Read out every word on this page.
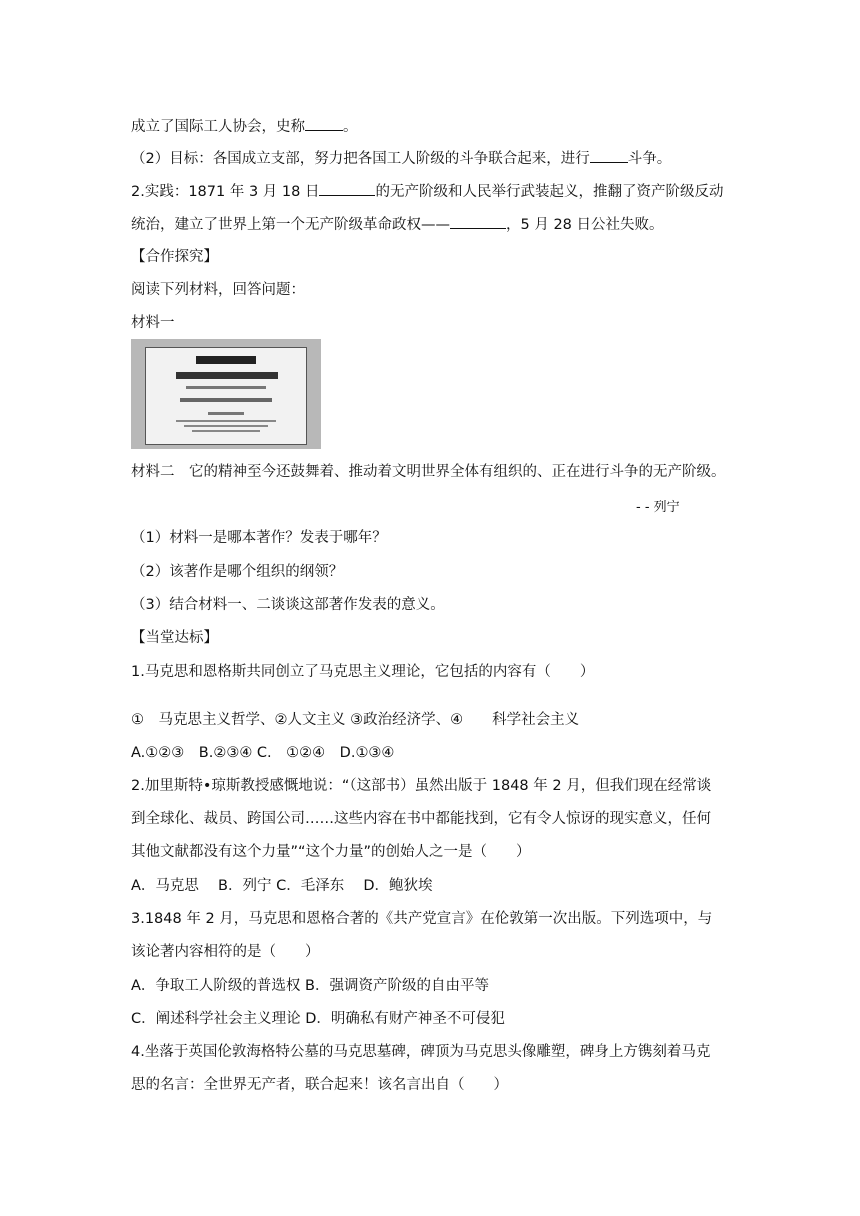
成立了国际工人协会，史称	。
（2）目标：各国成立支部，努力把各国工人阶级的斗争联合起来，进行	斗争。
2.实践：1871 年 3 月 18 日	的无产阶级和人民举行武装起义，推翻了资产阶级反动
统治，建立了世界上第一个无产阶级革命政权——	，5 月 28 日公社失败。
【合作探究】
阅读下列材料，回答问题：
材料一
材料二　它的精神至今还鼓舞着、推动着文明世界全体有组织的、正在进行斗争的无产阶级。
- - 列宁
（1）材料一是哪本著作？发表于哪年？
（2）该著作是哪个组织的纲领？
（3）结合材料一、二谈谈这部著作发表的意义。
【当堂达标】
1.马克思和恩格斯共同创立了马克思主义理论，它包括的内容有（　　）
①　马克思主义哲学、②人文主义 ③政治经济学、④　　科学社会主义
A.①②③　B.②③④ C.　①②④　D.①③④
2.加里斯特•琼斯教授感慨地说：“（这部书）虽然出版于 1848 年 2 月，但我们现在经常谈
到全球化、裁员、跨国公司……这些内容在书中都能找到，它有令人惊讶的现实意义，任何
其他文献都没有这个力量”“这个力量”的创始人之一是（　　）
A．马克思　 B．列宁 C．毛泽东　 D．鲍狄埃
3.1848 年 2 月，马克思和恩格合著的《共产党宣言》在伦敦第一次出版。下列选项中，与
该论著内容相符的是（　　）
A．争取工人阶级的普选权 B．强调资产阶级的自由平等
C．阐述科学社会主义理论 D．明确私有财产神圣不可侵犯
4.坐落于英国伦敦海格特公墓的马克思墓碑，碑顶为马克思头像雕塑，碑身上方镌刻着马克
思的名言：全世界无产者，联合起来！该名言出自（　　）
